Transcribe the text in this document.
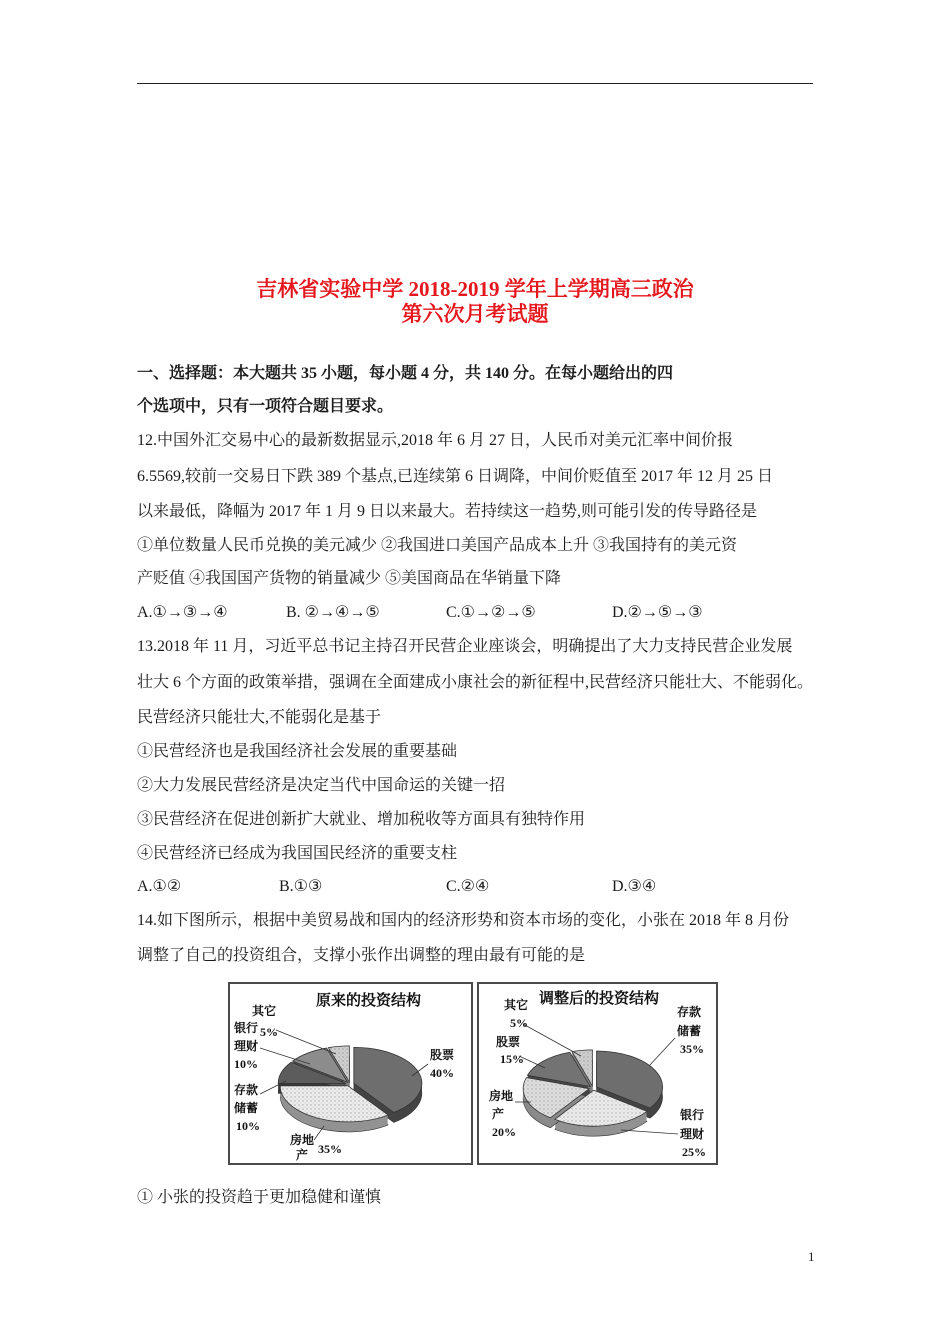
吉林省实验中学 2018-2019 学年上学期高三政治
第六次月考试题
一、选择题：本大题共 35 小题，每小题 4 分，共 140 分。在每小题给出的四
个选项中，只有一项符合题目要求。
12.中国外汇交易中心的最新数据显示,2018 年 6 月 27 日，人民币对美元汇率中间价报
6.5569,较前一交易日下跌 389 个基点,已连续第 6 日调降，中间价贬值至 2017 年 12 月 25 日
以来最低，降幅为 2017 年 1 月 9 日以来最大。若持续这一趋势,则可能引发的传导路径是
①单位数量人民币兑换的美元减少 ②我国进口美国产品成本上升 ③我国持有的美元资
产贬值 ④我国国产货物的销量减少 ⑤美国商品在华销量下降
A.①→③→④	B. ②→④→⑤	C.①→②→⑤	D.②→⑤→③
13.2018 年 11 月，习近平总书记主持召开民营企业座谈会，明确提出了大力支持民营企业发展
壮大 6 个方面的政策举措，强调在全面建成小康社会的新征程中,民营经济只能壮大、不能弱化。
民营经济只能壮大,不能弱化是基于
①民营经济也是我国经济社会发展的重要基础
②大力发展民营经济是决定当代中国命运的关键一招
③民营经济在促进创新扩大就业、增加税收等方面具有独特作用
④民营经济已经成为我国国民经济的重要支柱
A.①②	B.①③	C.②④	D.③④
14.如下图所示，根据中美贸易战和国内的经济形势和资本市场的变化，小张在 2018 年 8 月份
调整了自己的投资组合，支撑小张作出调整的理由最有可能的是
原来的投资结构
其它
5%
银行
理财
10%
存款
储蓄
10%
股票
40%
房地
产 35%
调整后的投资结构
其它
5%
股票
15%
存款
储蓄
35%
房地
产
20%
银行
理财
25%
① 小张的投资趋于更加稳健和谨慎
1
